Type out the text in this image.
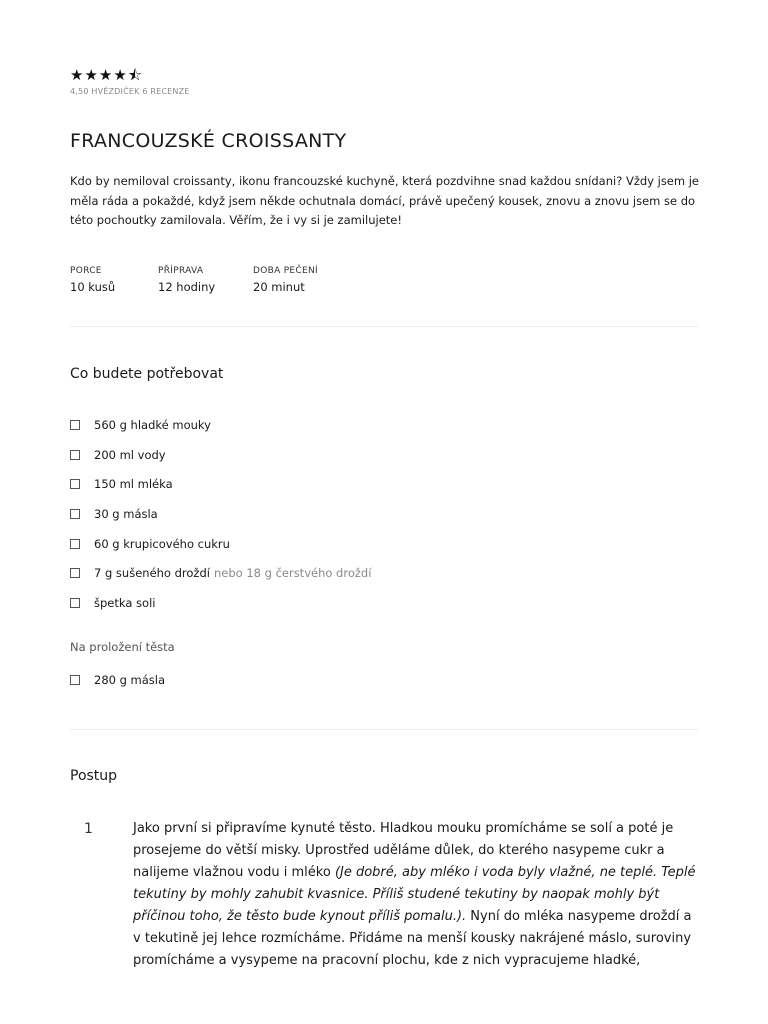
★ ★ ★ ★ ⯪
4,50 HVĚZDIČEK 6 RECENZE
FRANCOUZSKÉ CROISSANTY

Kdo by nemiloval croissanty, ikonu francouzské kuchyně, která pozdvihne snad každou snídani? Vždy jsem je měla ráda a pokaždé, když jsem někde ochutnala domácí, právě upečený kousek, znovu a znovu jsem se do této pochoutky zamilovala. Věřím, že i vy si je zamilujete!

PORCE
10 kusů
PŘÍPRAVA
12 hodiny
DOBA PEČENÍ
20 minut
Co budete potřebovat
560 g hladké mouky
200 ml vody
150 ml mléka
30 g másla
60 g krupicového cukru
7 g sušeného droždí nebo 18 g čerstvého droždí
špetka soli
Na proložení těsta
280 g másla
Postup
1	Jako první si připravíme kynuté těsto. Hladkou mouku promícháme se solí a poté je prosejeme do větší misky. Uprostřed uděláme důlek, do kterého nasypeme cukr a nalijeme vlažnou vodu i mléko (Je dobré, aby mléko i voda byly vlažné, ne teplé. Teplé tekutiny by mohly zahubit kvasnice. Příliš studené tekutiny by naopak mohly být příčinou toho, že těsto bude kynout příliš pomalu.). Nyní do mléka nasypeme droždí a v tekutině jej lehce rozmícháme. Přidáme na menší kousky nakrájené máslo, suroviny promícháme a vysypeme na pracovní plochu, kde z nich vypracujeme hladké,
